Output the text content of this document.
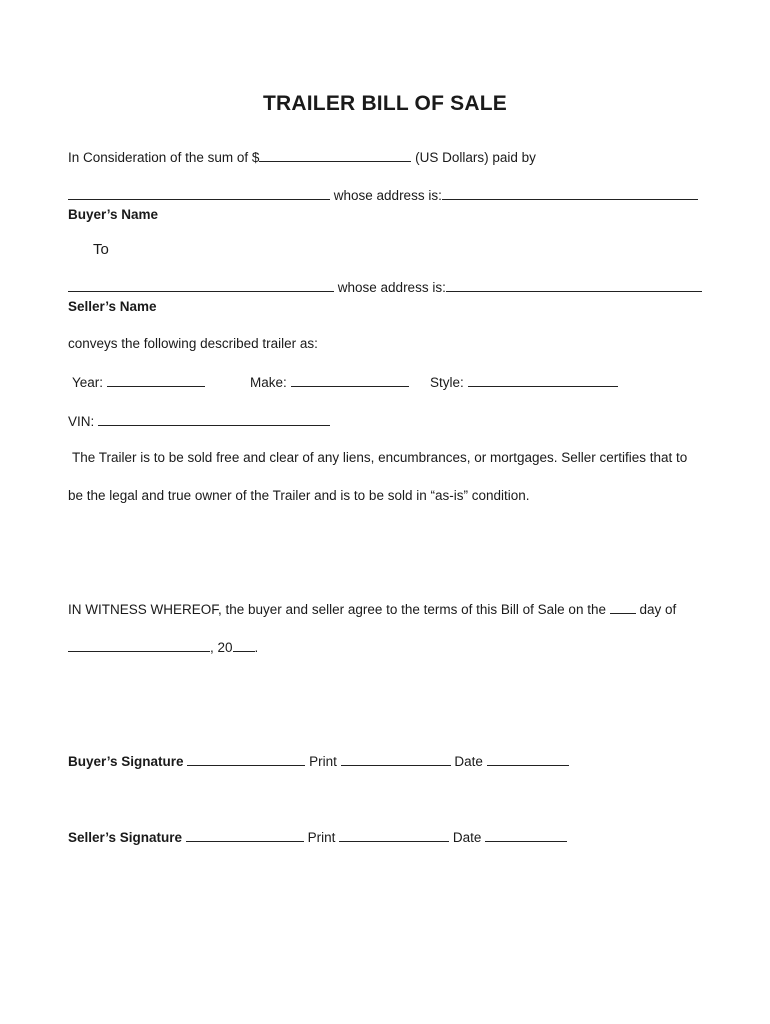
TRAILER BILL OF SALE
In Consideration of the sum of $	(US Dollars) paid by
whose address is:
Buyer’s Name
To
whose address is:
Seller’s Name
conveys the following described trailer as:
Year:	Make:	Style:
VIN:
The Trailer is to be sold free and clear of any liens, encumbrances, or mortgages. Seller certifies that to
be the legal and true owner of the Trailer and is to be sold in “as-is” condition.
IN WITNESS WHEREOF, the buyer and seller agree to the terms of this Bill of Sale on the day of
, 20 .
Buyer’s Signature	Print	Date
Seller’s Signature	Print	Date
